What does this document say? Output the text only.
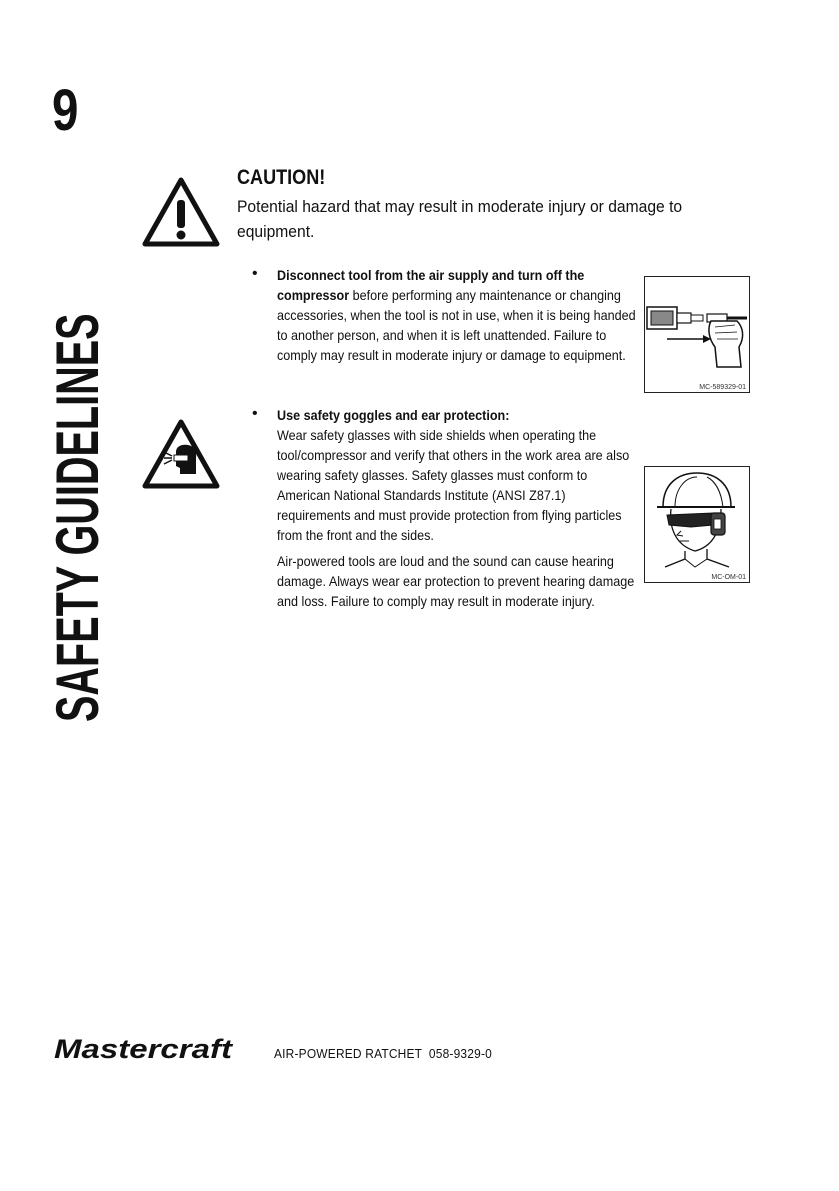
9
SAFETY GUIDELINES
CAUTION!
Potential hazard that may result in moderate injury or damage to equipment.
• Disconnect tool from the air supply and turn off the compressor before performing any maintenance or changing accessories, when the tool is not in use, when it is being handed to another person, and when it is left unattended. Failure to comply may result in moderate injury or damage to equipment.

MC-589329-01
• Use safety goggles and ear protection:

Wear safety glasses with side shields when operating the tool/compressor and verify that others in the work area are also wearing safety glasses. Safety glasses must conform to American National Standards Institute (ANSI Z87.1) requirements and must provide protection from flying particles from the front and the sides.

Air-powered tools are loud and the sound can cause hearing damage. Always wear ear protection to prevent hearing damage and loss. Failure to comply may result in moderate injury.

MC-OM-01
Mastercraft	AIR-POWERED RATCHET  058-9329-0
